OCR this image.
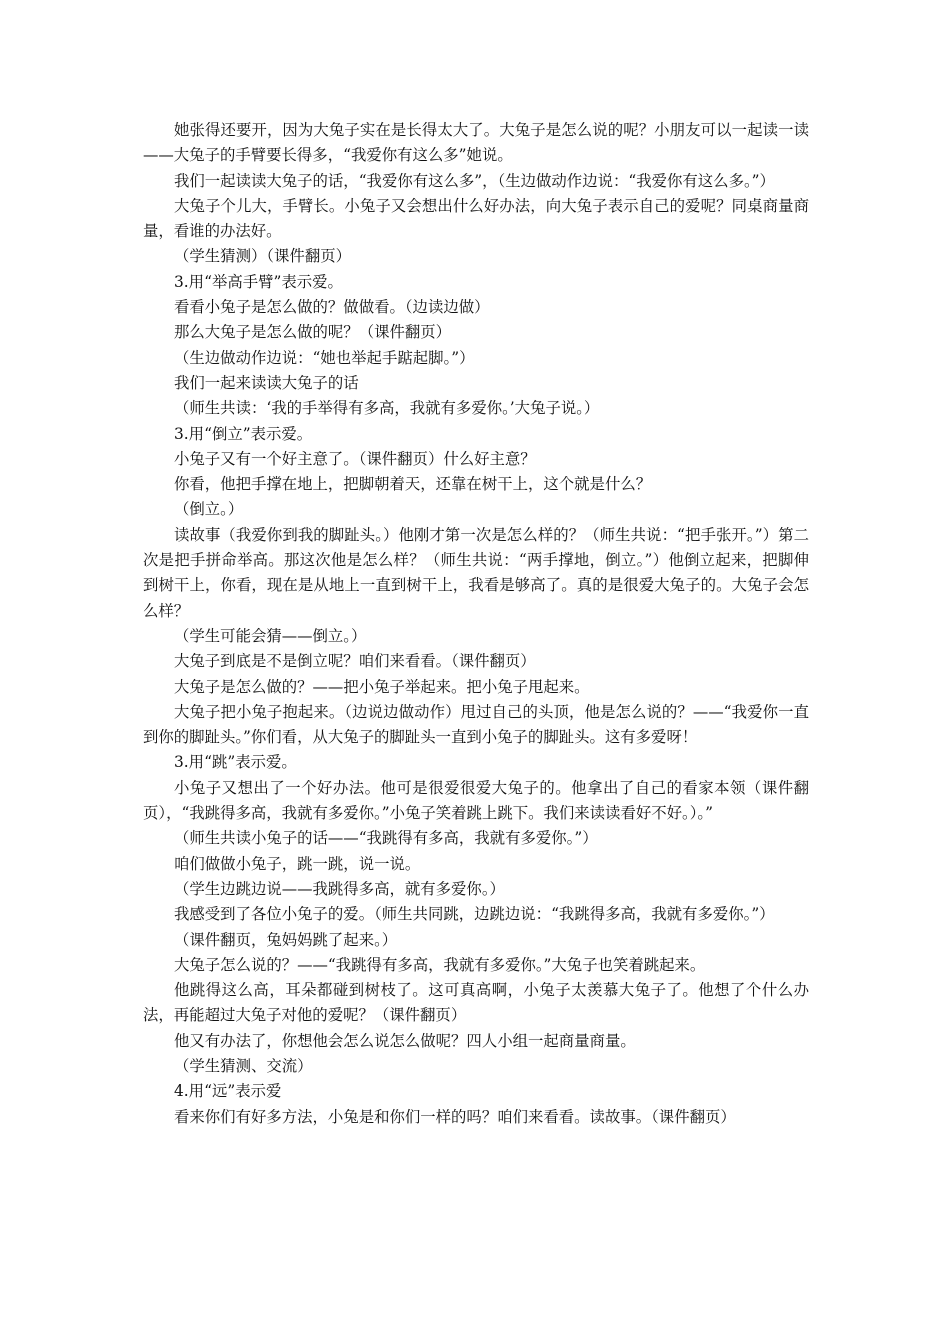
她张得还要开，因为大兔子实在是长得太大了。大兔子是怎么说的呢？小朋友可以一起读一读——大兔子的手臂要长得多，“我爱你有这么多”她说。

我们一起读读大兔子的话，“我爱你有这么多”，（生边做动作边说：“我爱你有这么多。”）

大兔子个儿大，手臂长。小兔子又会想出什么好办法，向大兔子表示自己的爱呢？同桌商量商量，看谁的办法好。

（学生猜测）（课件翻页）

3.用“举高手臂”表示爱。

看看小兔子是怎么做的？做做看。（边读边做）

那么大兔子是怎么做的呢？（课件翻页）

（生边做动作边说：“她也举起手踮起脚。”）

我们一起来读读大兔子的话

（师生共读：‘我的手举得有多高，我就有多爱你。’大兔子说。）

3.用“倒立”表示爱。

小兔子又有一个好主意了。（课件翻页）什么好主意？

你看，他把手撑在地上，把脚朝着天，还靠在树干上，这个就是什么？

（倒立。）

读故事（我爱你到我的脚趾头。）他刚才第一次是怎么样的？（师生共说：“把手张开。”）第二次是把手拼命举高。那这次他是怎么样？（师生共说：“两手撑地，倒立。”）他倒立起来，把脚伸到树干上，你看，现在是从地上一直到树干上，我看是够高了。真的是很爱大兔子的。大兔子会怎么样？

（学生可能会猜——倒立。）

大兔子到底是不是倒立呢？咱们来看看。（课件翻页）

大兔子是怎么做的？——把小兔子举起来。把小兔子甩起来。

大兔子把小兔子抱起来。（边说边做动作）甩过自己的头顶，他是怎么说的？——“我爱你一直到你的脚趾头。”你们看，从大兔子的脚趾头一直到小兔子的脚趾头。这有多爱呀！

3.用“跳”表示爱。

小兔子又想出了一个好办法。他可是很爱很爱大兔子的。他拿出了自己的看家本领（课件翻页），“我跳得多高，我就有多爱你。”小兔子笑着跳上跳下。我们来读读看好不好。）。”

（师生共读小兔子的话——“我跳得有多高，我就有多爱你。”）

咱们做做小兔子，跳一跳，说一说。

（学生边跳边说——我跳得多高，就有多爱你。）

我感受到了各位小兔子的爱。（师生共同跳，边跳边说：“我跳得多高，我就有多爱你。”）

（课件翻页，兔妈妈跳了起来。）

大兔子怎么说的？——“我跳得有多高，我就有多爱你。”大兔子也笑着跳起来。

他跳得这么高，耳朵都碰到树枝了。这可真高啊，小兔子太羡慕大兔子了。他想了个什么办法，再能超过大兔子对他的爱呢？（课件翻页）

他又有办法了，你想他会怎么说怎么做呢？四人小组一起商量商量。

（学生猜测、交流）

4.用“远”表示爱

看来你们有好多方法，小兔是和你们一样的吗？咱们来看看。读故事。（课件翻页）
